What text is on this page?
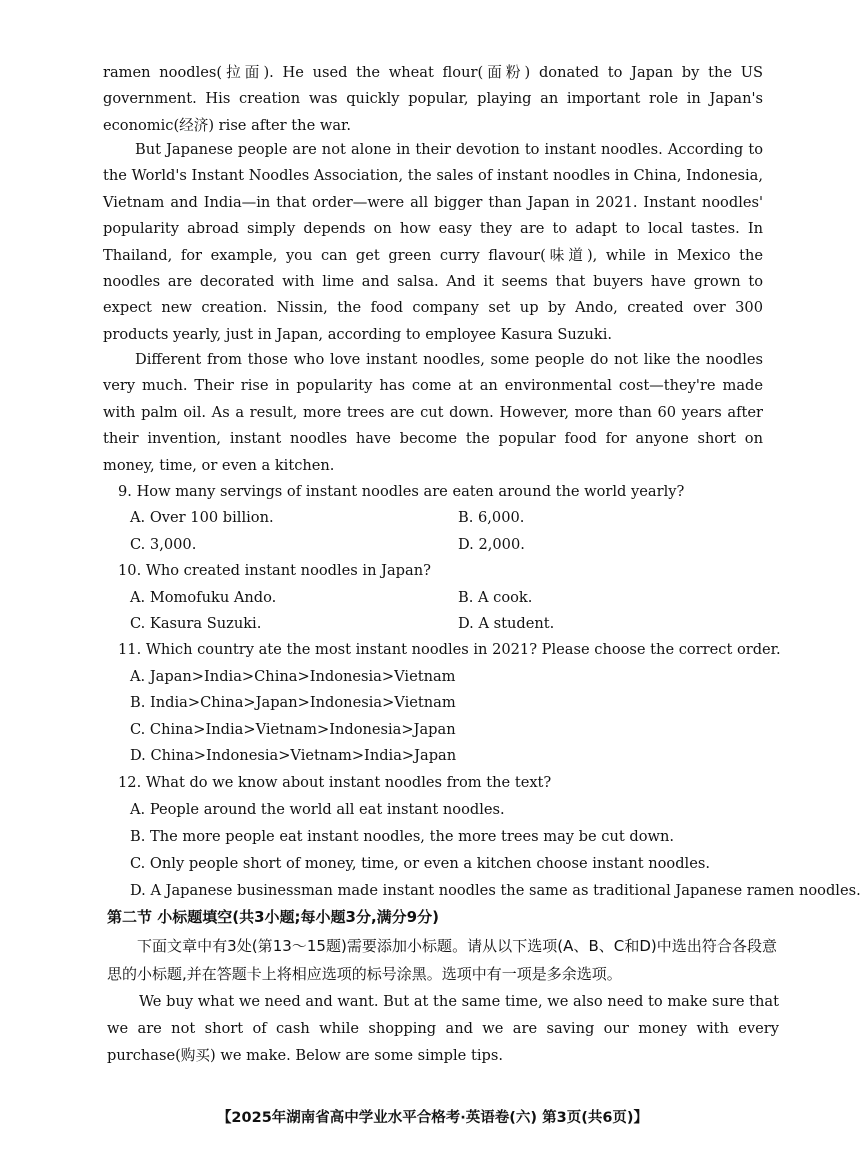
ramen noodles(拉面). He used the wheat flour(面粉) donated to Japan by the US government. His creation was quickly popular, playing an important role in Japan's economic(经济) rise after the war.

But Japanese people are not alone in their devotion to instant noodles. According to the World's Instant Noodles Association, the sales of instant noodles in China, Indonesia, Vietnam and India—in that order—were all bigger than Japan in 2021. Instant noodles' popularity abroad simply depends on how easy they are to adapt to local tastes. In Thailand, for example, you can get green curry flavour(味道), while in Mexico the noodles are decorated with lime and salsa. And it seems that buyers have grown to expect new creation. Nissin, the food company set up by Ando, created over 300 products yearly, just in Japan, according to employee Kasura Suzuki.

Different from those who love instant noodles, some people do not like the noodles very much. Their rise in popularity has come at an environmental cost—they're made with palm oil. As a result, more trees are cut down. However, more than 60 years after their invention, instant noodles have become the popular food for anyone short on money, time, or even a kitchen.

9. How many servings of instant noodles are eaten around the world yearly?

A. Over 100 billion.	B. 6,000.

C. 3,000.	D. 2,000.

10. Who created instant noodles in Japan?

A. Momofuku Ando.	B. A cook.

C. Kasura Suzuki.	D. A student.

11. Which country ate the most instant noodles in 2021? Please choose the correct order.

A. Japan>India>China>Indonesia>Vietnam

B. India>China>Japan>Indonesia>Vietnam

C. China>India>Vietnam>Indonesia>Japan

D. China>Indonesia>Vietnam>India>Japan

12. What do we know about instant noodles from the text?

A. People around the world all eat instant noodles.

B. The more people eat instant noodles, the more trees may be cut down.

C. Only people short of money, time, or even a kitchen choose instant noodles.

D. A Japanese businessman made instant noodles the same as traditional Japanese ramen noodles.

第二节 小标题填空(共3小题;每小题3分,满分9分)

下面文章中有3处(第13～15题)需要添加小标题。请从以下选项(A、B、C和D)中选出符合各段意思的小标题,并在答题卡上将相应选项的标号涂黑。选项中有一项是多余选项。

We buy what we need and want. But at the same time, we also need to make sure that we are not short of cash while shopping and we are saving our money with every purchase(购买) we make. Below are some simple tips.

【2025年湖南省高中学业水平合格考·英语卷(六) 第3页(共6页)】
